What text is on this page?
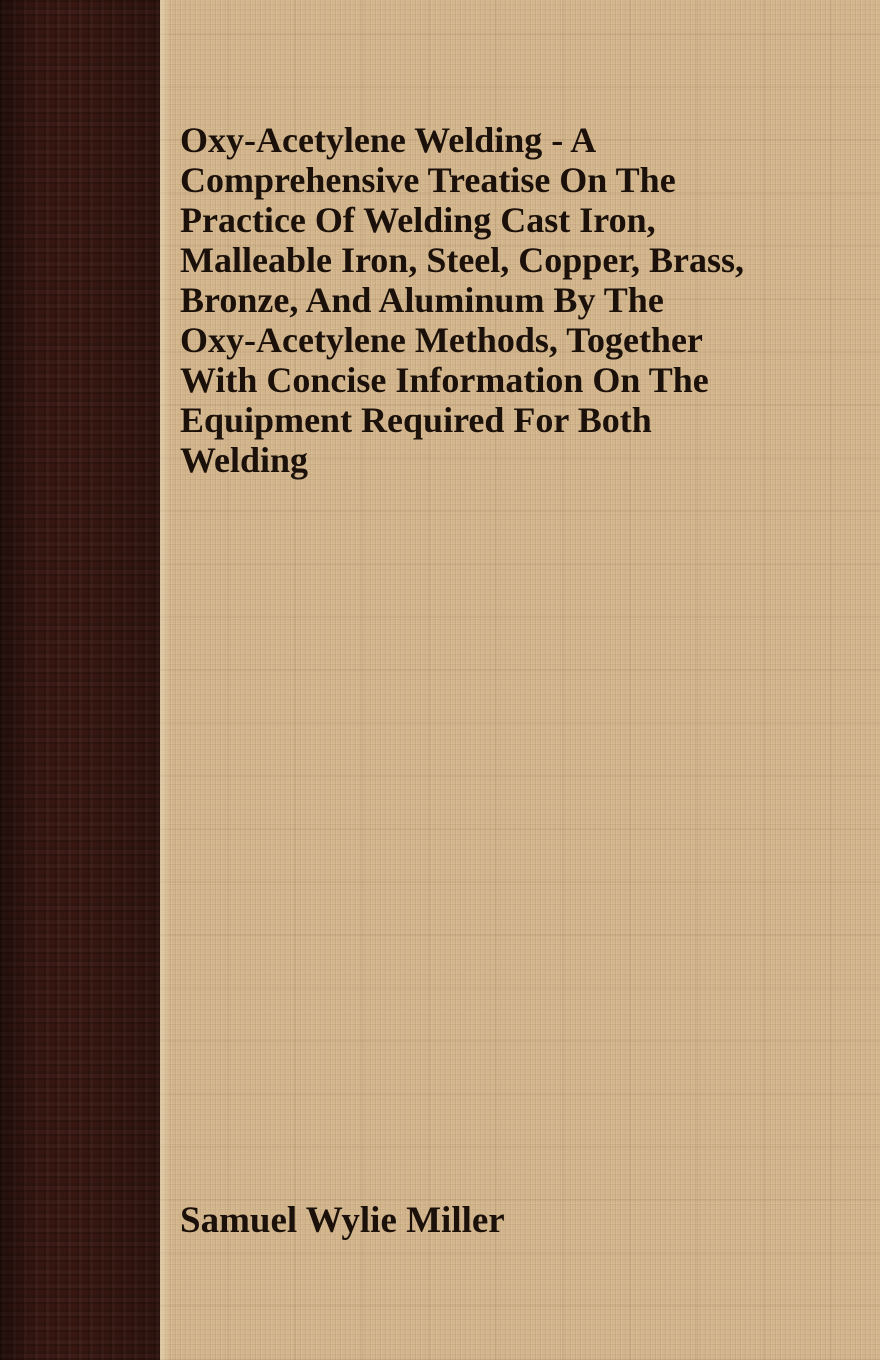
Oxy-Acetylene Welding - A
Comprehensive Treatise On The
Practice Of Welding Cast Iron,
Malleable Iron, Steel, Copper, Brass,
Bronze, And Aluminum By The
Oxy-Acetylene Methods, Together
With Concise Information On The
Equipment Required For Both
Welding
Samuel Wylie Miller
